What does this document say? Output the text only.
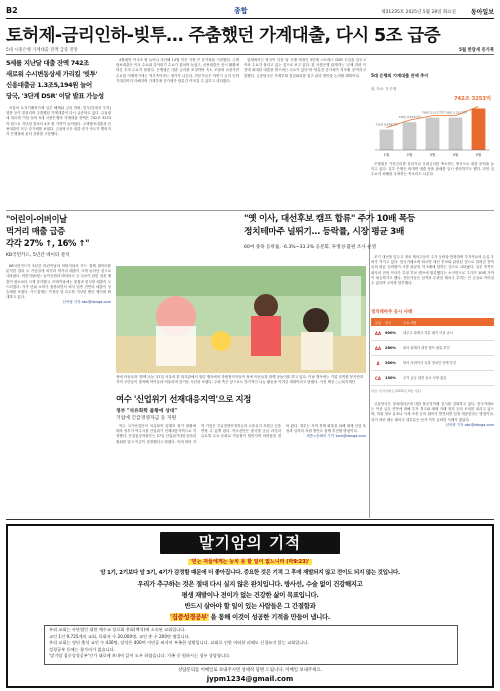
B2	종합	제31235호 2025년 5월 28일 화요일 동아일보
토허제-금리인하-빚투… 주춤했던 가계대출, 다시 5조 급증
5대 시중은행 가계대출 잔액 급증 전망	5월 한달새 증가폭
5세를 지난달 대출 잔액 742조
새로워 수시변동상세 가리킬 '빚투'
신용대출금 1.3조5,194원 늘어
당국, '3단계 DSR' 이달 발표 가능성

서울의 토지거래허가제 일부 해제와 금리 하락, 빚투(빚내서 투자) 열풍 등이 맞물리며 주춤했던 가계대출이 다시 급증하고 있다. 금융권에 따르면 이달 들어 5대 시중은행의 가계대출 잔액은 742조 3253억 원으로 지난달 말보다 4조 원 가까이 늘어났다. 주택담보대출과 신용대출이 모두 증가세를 보였다. 금융당국은 대출 증가 속도가 빨라지자 은행권에 관리 강화를 주문했다.

4월에만 약 5조 원 늘어나 지난해 10월 이후 가장 큰 증가폭을 기록했다. 주택담보대출은 이사 수요와 갈아타기 수요가 겹치며 늘었고, 신용대출은 증시 활황에 따른 투자 수요가 몰렸다. 은행권은 대출 금리를 조정하며 속도 조절에 나섰지만 수요를 억제하기에는 역부족이라는 평가가 나온다. 전문가들은 하반기 금리 인하 기대감까지 더해지며 가계부채 증가세가 당분간 이어질 수 있다고 내다봤다.

업계에서는 당국이 다음 달 시행 예정인 3단계 스트레스 DSR 도입을 앞두고 막차 수요가 몰리고 있는 것으로 보고 있다. 한 시중은행 관계자는 '규제 강화 이전에 최대한 대출을 받으려는 수요가 있다'며 '당분간 증가세가 지속될 것'이라고 말했다. 금융당국은 가계부채 점검회의를 열고 관리 방안을 논의할 계획이다.

은행권은 가산금리를 올리거나 우대금리를 축소하는 방식으로 대출 문턱을 높이고 있다. 일부 은행은 비대면 대출 상품 판매를 일시 중단하기도 했다. 다만 실수요자 피해를 우려하는 목소리도 나온다.

5대 은행의 가계대출 잔액 추이
원, 자료: 각 은행
1월
733조 6,609억원
2월
736조 6,619억원
3월
738조 5,511억원
4월
738조 5,511억원
5월
742조 3253억
"어린이-어버이날
먹거리 매출 급증
각각 27% ↑, 16% ↑"
KB국민카드, 5년간 데이터 분석

KB국민카드가 5년간 어린이날과 어버이날의 카드 결제 데이터를 분석한 결과 두 기념일에 외식과 먹거리 매출이 크게 늘어난 것으로 나타났다. 어린이날에는 놀이공원과 테마파크 등 나들이 관련 업종 매출이 평소보다 크게 증가했고, 어버이날에는 꽃집과 한식당 매출이 두드러졌다. 가족 단위 소비가 집중되면서 외식 업종 전반의 매출이 상승세를 보였다. 카드업계는 가정의 달 특수를 겨냥한 할인 행사를 확대하고 있다.

신아형 기자 abc@donga.com
장애 아동들과 '함께 나눔' 27일 서울의 한 복지관에서 열린 행사에서 자원봉사자들이 장애 아동들과 함께 공놀이를 하고 있다. 이날 행사에는 기업 임직원 봉사단과 지역 주민들이 참여해 아이들과 어울리며 즐거운 시간을 보냈다. 주최 측은 앞으로도 정기적인 나눔 활동을 이어갈 계획이라고 밝혔다. 사진 제공 ○○복지재단
여수 '신업위기 선재대응지역'으로 지정
정부 "석유화학 불황에 상대"
기업에 긴급경영자금 등 지원

여수 국가산업단지 석유화학 업계의 장기 불황에 따라 정부가 여수시를 산업위기 선제대응지역으로 지정했다. 산업통상자원부는 27일 산업위기대응심의위원회를 열고 이같이 결정했다고 밝혔다. 이에 따라 지역 기업은 긴급경영안정자금과 고용유지 지원금 등을 받을 수 있게 된다. 여수산단은 중국발 공급 과잉과 글로벌 수요 둔화로 가동률이 떨어지며 어려움을 겪어 왔다. 정부는 지역 경제 회복을 위해 대체 산업 육성과 일자리 지원 방안도 함께 추진할 방침이다.

세종=송혜미 기자 1am@donga.com
"옛 이사, 대선후보 캠프 합류" 주가 10배 폭등
정치테마주 널뛰기… 등락률, 시장 평균 3배
60여 종목 등락률, -6.3%~33.3% 공문회, 투명성·불편 조사 운영

조기 대선을 앞두고 정치 테마주들이 주가 등락을 반복하며 투자자들의 손실 우려가 커지고 있다. 한국거래소에 따르면 대선 후보와 관련된 것으로 알려진 종목들의 평균 등락률이 시장 평균의 약 3배에 달하는 것으로 나타났다. 일부 종목은 회사의 전직 이사가 특정 후보 캠프에 합류했다는 소식만으로 주가가 10배 가까이 폭등하기도 했다. 전문가들은 실적과 무관한 테마주 투자는 큰 손실로 이어질 수 있다며 주의를 당부했다.

정치테마주 공시 사례
등급	공시	주요 내용
AA	900%	대주주 관계사 지분 매각 사실 공시
AA	280%	회사 관계자 대선 캠프 합류 부인
A	200%	당사 사외이사 특정 정치인 인맥 부인
CA	130%	주가 급등 관련 공시 사항 없음
자료: 한국거래소 (2025년 5월 기준)

금융당국은 정치테마주에 대한 불공정거래 감시를 강화하고 있다. 한국거래소는 이상 급등 종목에 대해 투자 경고와 매매 거래 정지 등의 조치를 내리고 있으며, 허위 정보 유포나 시세 조종 등의 혐의가 발견되면 엄정 대응한다는 방침이다. 과거 대선 때도 테마주 대부분은 선거 이후 급락한 사례가 많았다.

신아형 기자 abc@donga.com
말기암의 기적
'믿는 자들에게는 능치 못 할 일이 없느니라 (막9:23)'
암 1기, 2기보다 암 3기, 4기가 감정할 때문에 더 좋아집니다. 중요한 것은 기적 그 후에 재발되지 않고 전이도 되지 않는 것입니다.
우리가 추구하는 것은 절대 다시 실지 않은 완치입니다. 방사선, 수술 없이 건강해지고
평생 재발이나 전이가 없는 건강한 삶이 목표입니다.
반드시 살아야 할 일이 있는 사람들은 그 간절함과
'집중성경공부' 을 통해 이것이 성공한 기적을 만들어 냅니다.
우리 교회는 사단법인 대한 예수교 장로회 총회(백석)에 소속된 교회입니다.
교인 1인 9,725개의 교회, 목회자 수 20,000명, 교인 총 수 200만 명입니다.
우리 교회는 정년 출석 교인 수 430명, 장석은 400여 이민공 좌석이 부족한 상황입니다. 교회로 인한 어떠한 피해도 신경쓰지 않는 교회입니다.
성경공부 동에는 참가비가 없습니다.
'말기암 집중성경공부'인가 대로에 보내어 같이 도우 하였습니다. 가족 중 원하시는 경우 상담합니다.
상담문의를 이메일로 보내주시면 상세히 답변 드립니다. 이메일 보내주세요.
jypm1234@gmail.com
